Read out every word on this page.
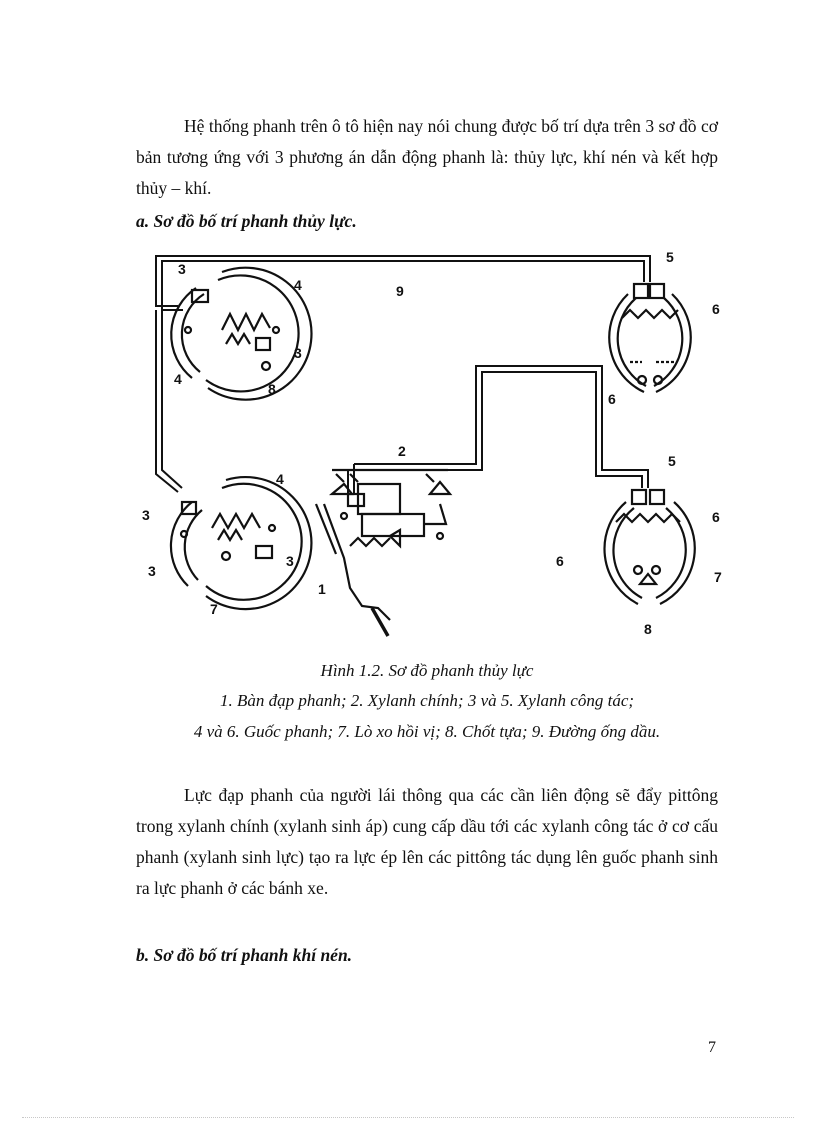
Hệ thống phanh trên ô tô hiện nay nói chung được bố trí dựa trên 3 sơ đồ cơ bản tương ứng với 3 phương án dẫn động phanh là: thủy lực, khí nén và kết hợp thủy – khí.

a. Sơ đồ bố trí phanh thủy lực.

3
9
4
3
4
8
5
6
6
2
4
3
3
3
7
1
5
6
6
7
8

Hình 1.2. Sơ đồ phanh thủy lực

1. Bàn đạp phanh; 2. Xylanh chính; 3 và 5. Xylanh công tác;

4 và 6. Guốc phanh; 7. Lò xo hồi vị; 8. Chốt tựa; 9. Đường ống dầu.

Lực đạp phanh của người lái thông qua các cần liên động sẽ đẩy pittông trong xylanh chính (xylanh sinh áp) cung cấp dầu tới các xylanh công tác ở cơ cấu phanh (xylanh sinh lực) tạo ra lực ép lên các pittông tác dụng lên guốc phanh sinh ra lực phanh ở các bánh xe.

b. Sơ đồ bố trí phanh khí nén.

7
